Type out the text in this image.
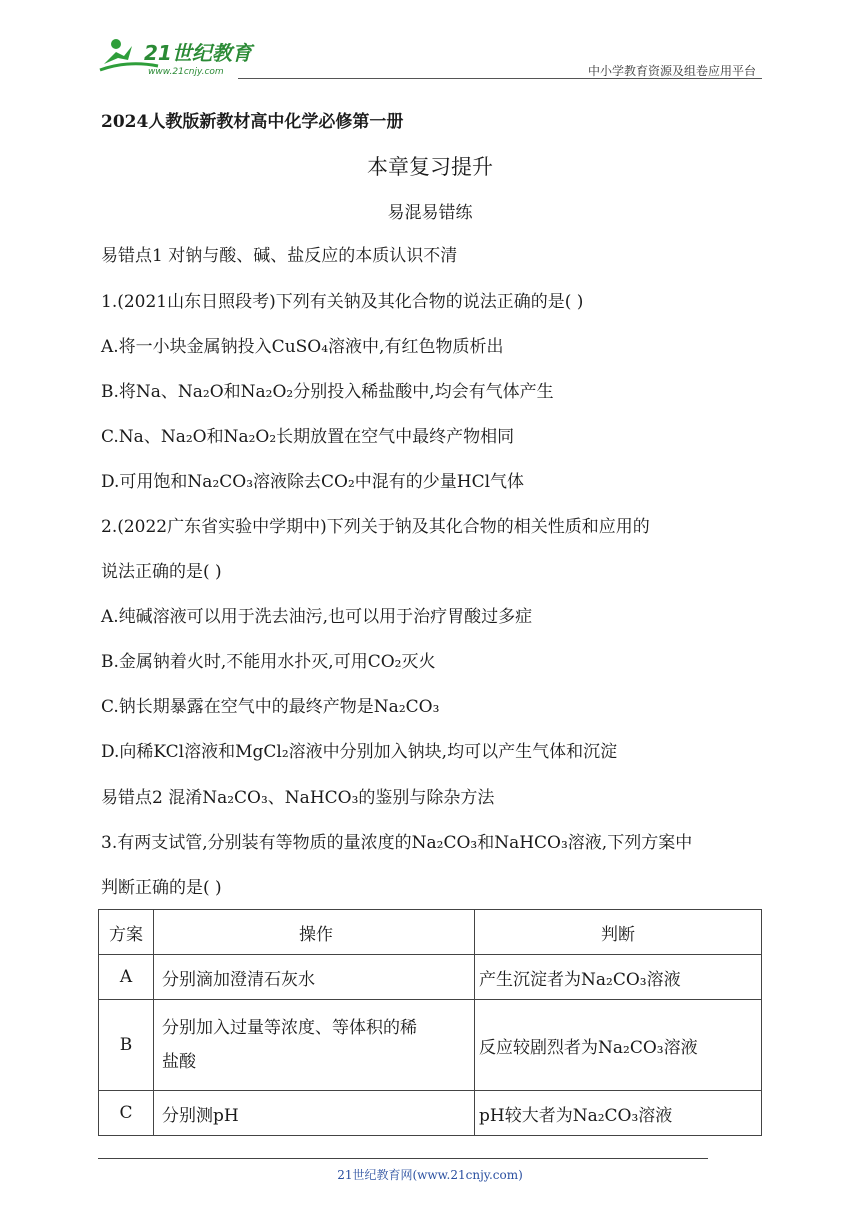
21世纪教育
www.21cnjy.com	中小学教育资源及组卷应用平台
2024人教版新教材高中化学必修第一册
本章复习提升
易混易错练
易错点1 对钠与酸、碱、盐反应的本质认识不清
1.(2021山东日照段考)下列有关钠及其化合物的说法正确的是( )
A.将一小块金属钠投入CuSO₄溶液中,有红色物质析出
B.将Na、Na₂O和Na₂O₂分别投入稀盐酸中,均会有气体产生
C.Na、Na₂O和Na₂O₂长期放置在空气中最终产物相同
D.可用饱和Na₂CO₃溶液除去CO₂中混有的少量HCl气体
2.(2022广东省实验中学期中)下列关于钠及其化合物的相关性质和应用的
说法正确的是( )
A.纯碱溶液可以用于洗去油污,也可以用于治疗胃酸过多症
B.金属钠着火时,不能用水扑灭,可用CO₂灭火
C.钠长期暴露在空气中的最终产物是Na₂CO₃
D.向稀KCl溶液和MgCl₂溶液中分别加入钠块,均可以产生气体和沉淀
易错点2 混淆Na₂CO₃、NaHCO₃的鉴别与除杂方法
3.有两支试管,分别装有等物质的量浓度的Na₂CO₃和NaHCO₃溶液,下列方案中
判断正确的是( )
方案	操作	判断
A	分别滴加澄清石灰水	产生沉淀者为Na₂CO₃溶液
B	分别加入过量等浓度、等体积的稀
盐酸	反应较剧烈者为Na₂CO₃溶液
C	分别测pH	pH较大者为Na₂CO₃溶液
21世纪教育网(www.21cnjy.com)
